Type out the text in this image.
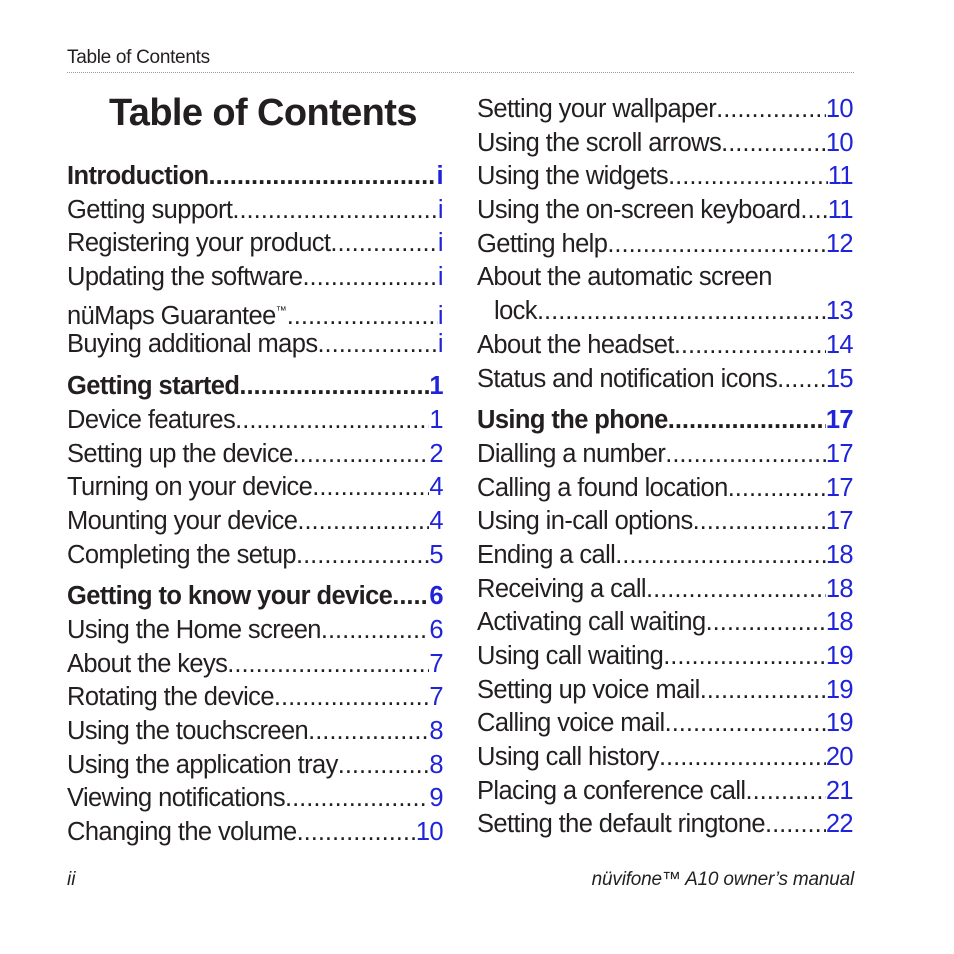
Table of Contents
Table of Contents
Introduction .....	i
Getting support .....	i
Registering your product .....	i
Updating the software .....	i
nüMaps Guarantee™ .....	i
Buying additional maps .....	i
Getting started .....	1
Device features .....	1
Setting up the device .....	2
Turning on your device .....	4
Mounting your device .....	4
Completing the setup .....	5
Getting to know your device ..... 6
Using the Home screen .....	6
About the keys .....	7
Rotating the device .....	7
Using the touchscreen .....	8
Using the application tray .....	8
Viewing notifications .....	9
Changing the volume .....	10
Setting your wallpaper .....	10
Using the scroll arrows .....	10
Using the widgets .....	11
Using the on-screen keyboard ..... 11
Getting help .....	12
About the automatic screen
lock .....	13
About the headset .....	14
Status and notification icons ..... 15
Using the phone .....	17
Dialling a number .....	17
Calling a found location .....	17
Using in-call options .....	17
Ending a call .....	18
Receiving a call .....	18
Activating call waiting .....	18
Using call waiting .....	19
Setting up voice mail .....	19
Calling voice mail .....	19
Using call history .....	20
Placing a conference call .....	21
Setting the default ringtone ..... 22
ii	nüvifone™ A10 owner’s manual
